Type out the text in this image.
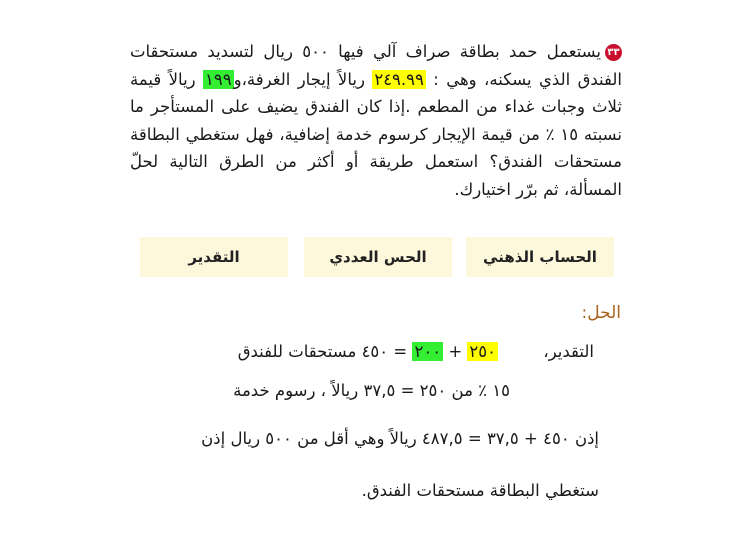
٣٣يستعمل حمد بطاقة صراف آلي فيها ٥٠٠ ريال لتسديد مستحقات الفندق الذي يسكنه، وهي : ٢٤٩.٩٩ ريالاً إيجار الغرفة،و١٩٩ ريالاً قيمة ثلاث وجبات غداء من المطعم .إذا كان الفندق يضيف على المستأجر ما نسبته ١٥ ٪ من قيمة الإيجار كرسوم خدمة إضافية، فهل ستغطي البطاقة مستحقات الفندق؟ استعمل طريقة أو أكثر من الطرق التالية لحلّ المسألة، ثم برّر اختيارك.
الحساب الذهني
الحس العددي
التقدير
الحل:
التقدير،
٢٥٠ + ٢٠٠ = ٤٥٠ مستحقات للفندق
١٥ ٪ من ٢٥٠ = ٣٧,٥ ريالاً ، رسوم خدمة
إذن ٤٥٠ + ٣٧,٥ = ٤٨٧,٥ ريالاً وهي أقل من ٥٠٠ ريال إذن
ستغطي البطاقة مستحقات الفندق.
